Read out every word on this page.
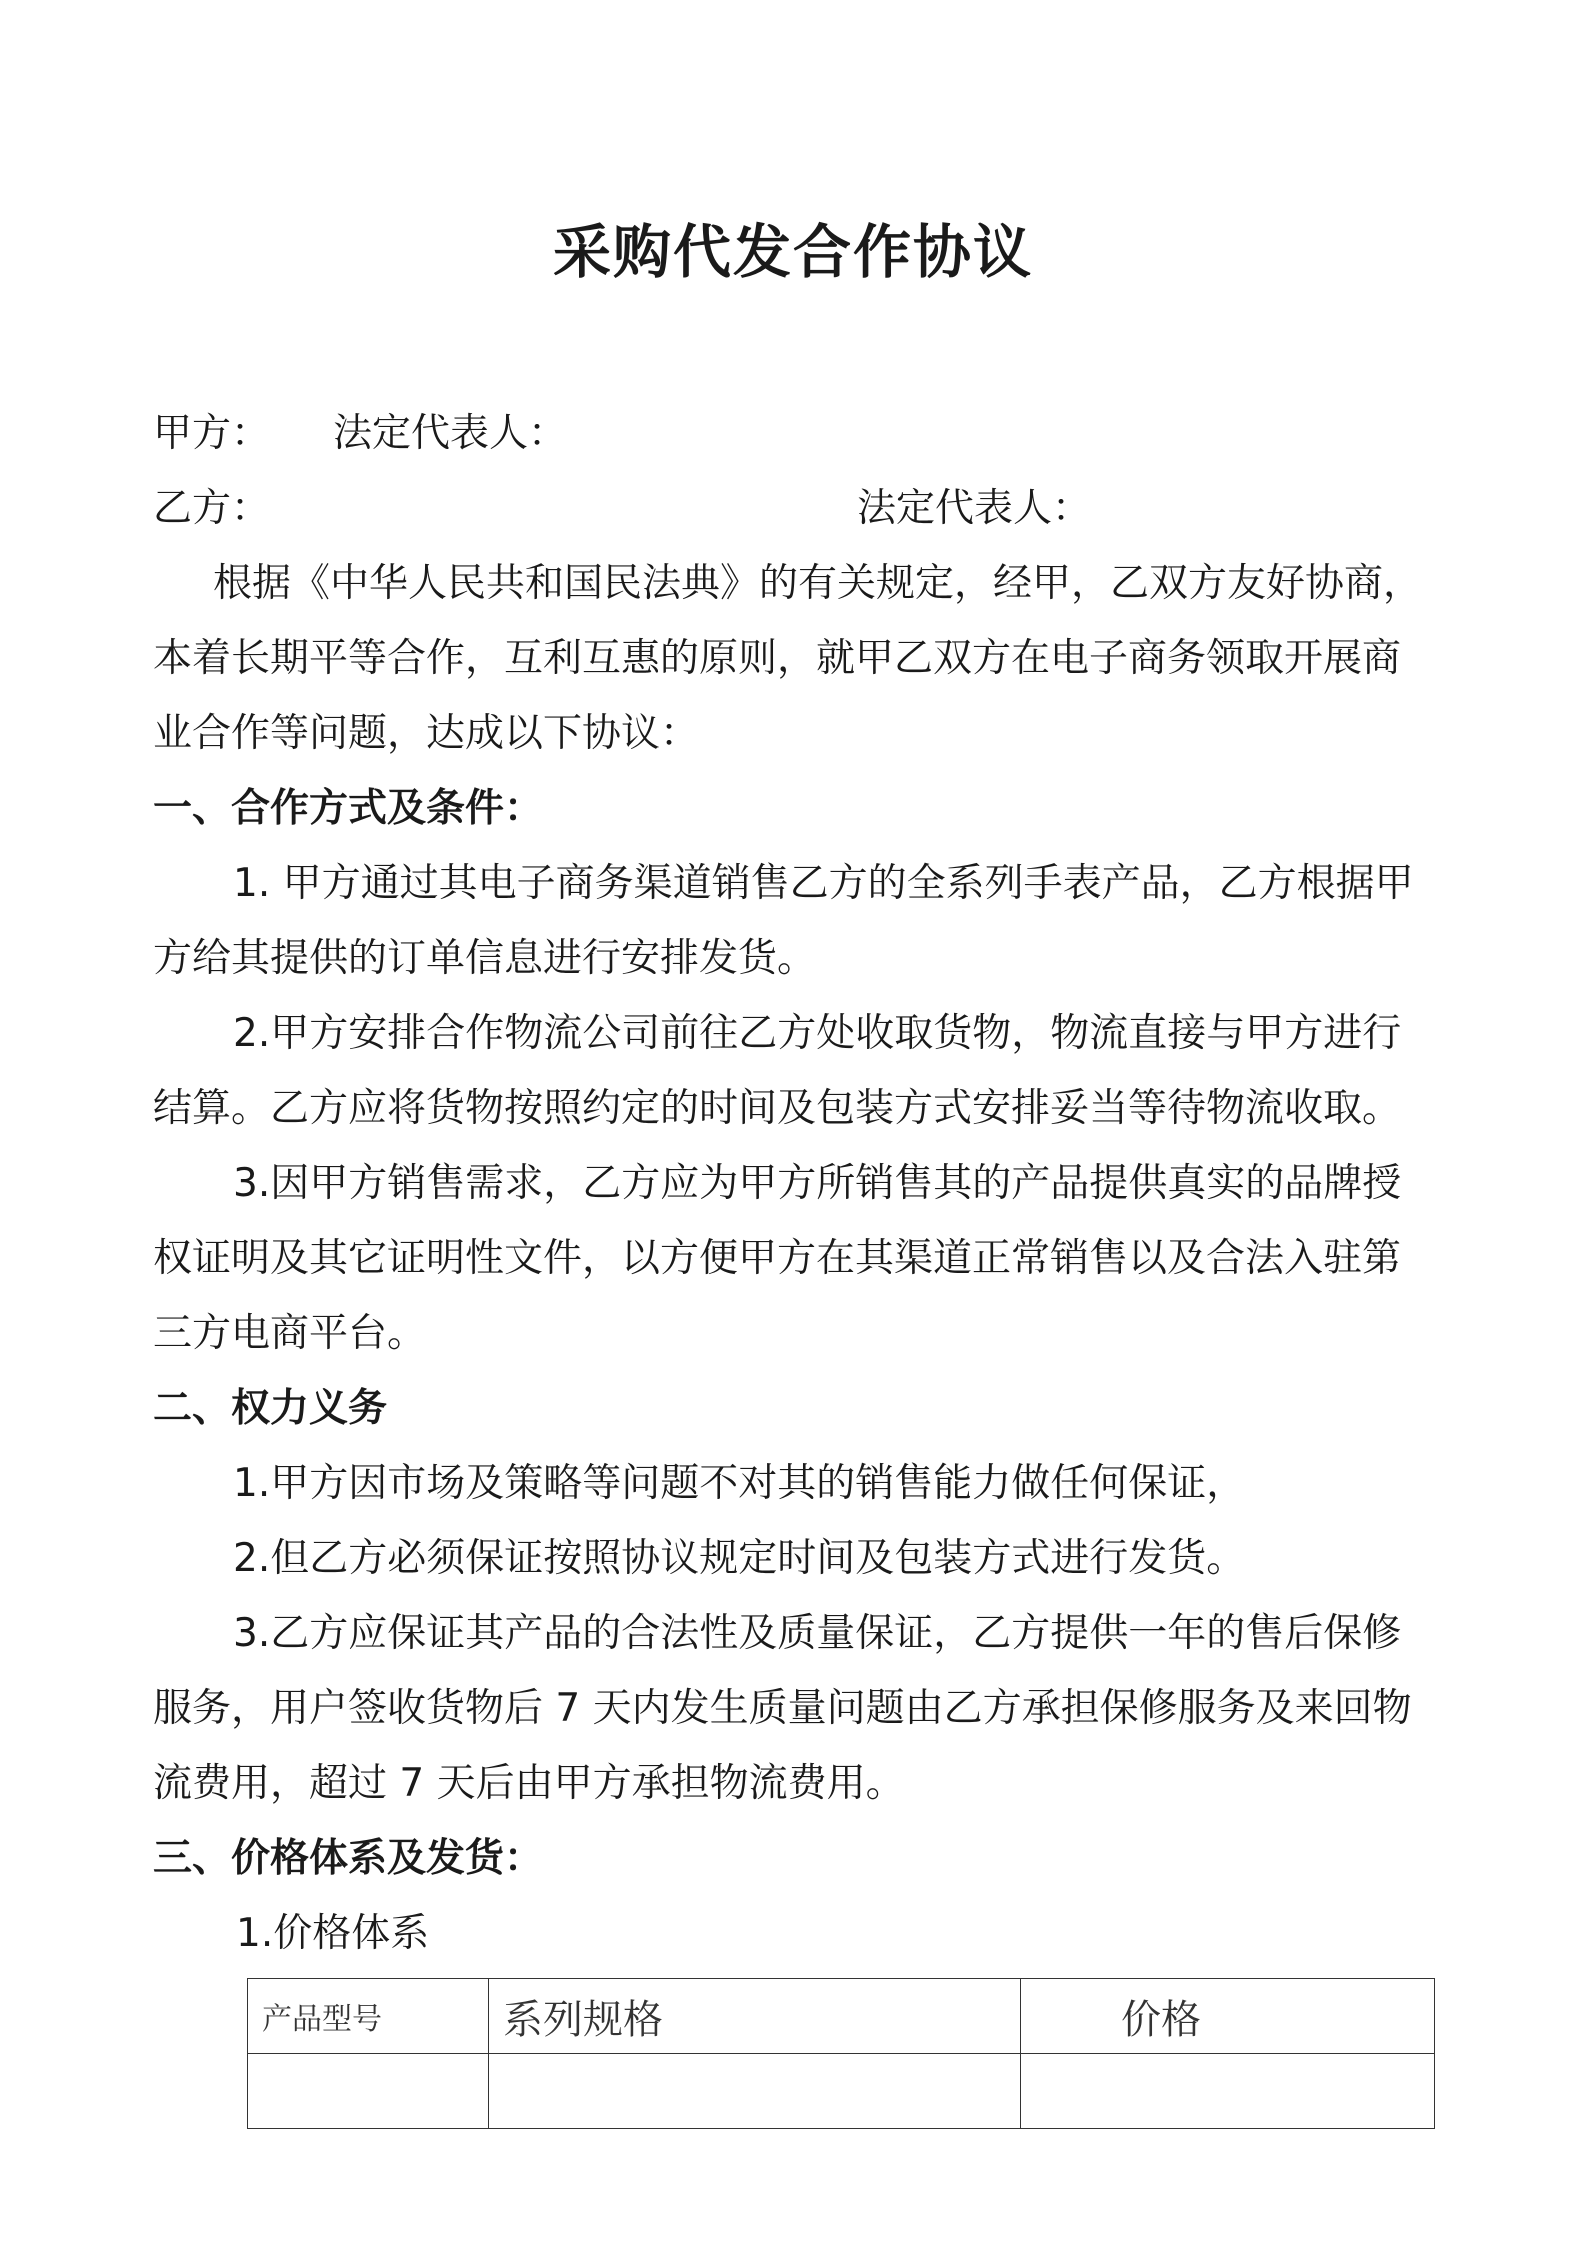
采购代发合作协议
甲方： 法定代表人：
乙方：	法定代表人：
根据《中华人民共和国民法典》的有关规定，经甲，乙双方友好协商，
本着长期平等合作，互利互惠的原则，就甲乙双方在电子商务领取开展商
业合作等问题，达成以下协议：
一、合作方式及条件：
1. 甲方通过其电子商务渠道销售乙方的全系列手表产品，乙方根据甲
方给其提供的订单信息进行安排发货。
2.甲方安排合作物流公司前往乙方处收取货物，物流直接与甲方进行
结算。乙方应将货物按照约定的时间及包装方式安排妥当等待物流收取。
3.因甲方销售需求，乙方应为甲方所销售其的产品提供真实的品牌授
权证明及其它证明性文件，以方便甲方在其渠道正常销售以及合法入驻第
三方电商平台。
二、权力义务
1.甲方因市场及策略等问题不对其的销售能力做任何保证，
2.但乙方必须保证按照协议规定时间及包装方式进行发货。
3.乙方应保证其产品的合法性及质量保证，乙方提供一年的售后保修
服务，用户签收货物后 7 天内发生质量问题由乙方承担保修服务及来回物
流费用，超过 7 天后由甲方承担物流费用。
三、价格体系及发货：
1.价格体系
产品型号	系列规格	价格
